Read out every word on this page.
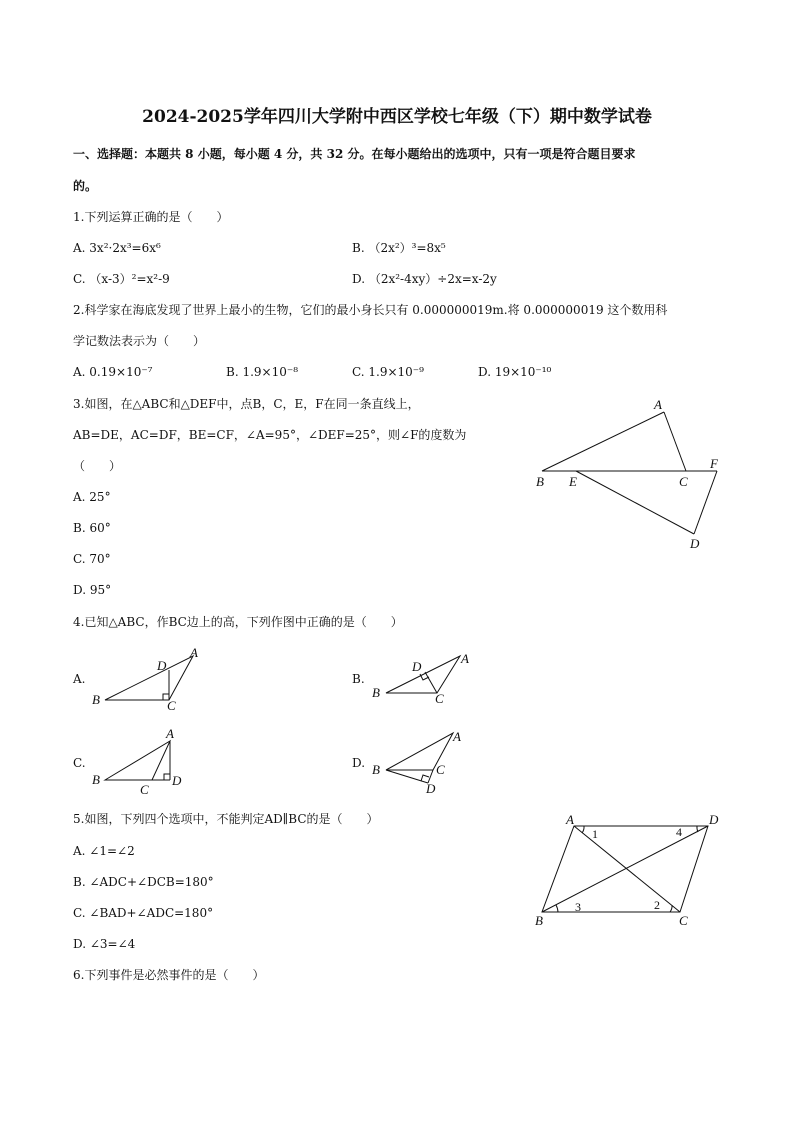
2024-2025学年四川大学附中西区学校七年级（下）期中数学试卷
一、选择题：本题共 8 小题，每小题 4 分，共 32 分。在每小题给出的选项中，只有一项是符合题目要求
的。
1.下列运算正确的是（　　）
A. 3x²·2x³=6x⁶	B. （2x²）³=8x⁵
C. （x-3）²=x²-9	D. （2x²-4xy）÷2x=x-2y
2.科学家在海底发现了世界上最小的生物，它们的最小身长只有 0.000000019m.将 0.000000019 这个数用科
学记数法表示为（　　）
A. 0.19×10⁻⁷	B. 1.9×10⁻⁸	C. 1.9×10⁻⁹	D. 19×10⁻¹⁰
3.如图，在△ABC和△DEF中，点B，C，E，F在同一条直线上，
AB=DE，AC=DF，BE=CF，∠A=95°，∠DEF=25°，则∠F的度数为
（　　）
A. 25°
B. 60°
C. 70°
D. 95°
A
B E	C
F
D
4.已知△ABC，作BC边上的高，下列作图中正确的是（　　）
A.	B.
C.	D.
A
B	C
D	A
B	C
D
A
B
C
D
A
B	C
D
5.如图，下列四个选项中，不能判定AD∥BC的是（　　）
A. ∠1=∠2
B. ∠ADC+∠DCB=180°
C. ∠BAD+∠ADC=180°
D. ∠3=∠4
A	D
B	C
1	4
2
3
6.下列事件是必然事件的是（　　）
